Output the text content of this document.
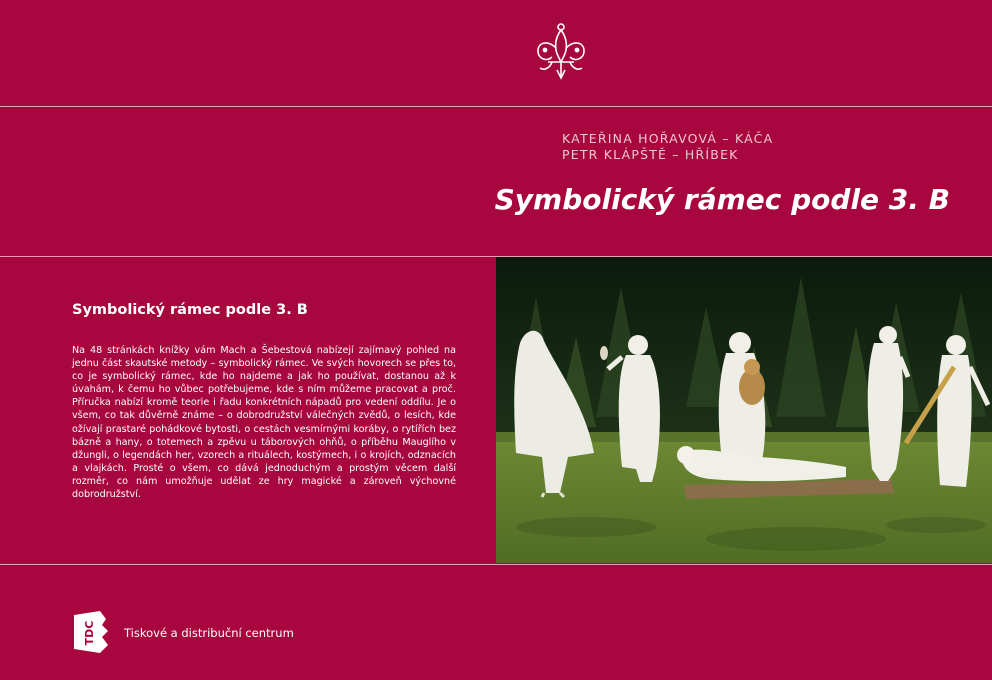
KATEŘINA HOŘAVOVÁ – KÁČA
PETR KLÁPŠTĚ – HŘÍBEK
Symbolický rámec podle 3. B
Symbolický rámec podle 3. B

Na 48 stránkách knížky vám Mach a Šebestová nabízejí zajímavý pohled na jednu část skautské metody – symbolický rámec. Ve svých hovorech se přes to, co je symbolický rámec, kde ho najdeme a jak ho používat, dostanou až k úvahám, k čemu ho vůbec potřebujeme, kde s ním můžeme pracovat a proč. Příručka nabízí kromě teorie i řadu konkrétních nápadů pro vedení oddílu. Je o všem, co tak důvěrně známe – o dobrodružství válečných zvědů, o lesích, kde ožívají prastaré pohádkové bytosti, o cestách vesmírnými koráby, o rytířích bez bázně a hany, o totemech a zpěvu u táborových ohňů, o příběhu Mauglího v džungli, o legendách her, vzorech a rituálech, kostýmech, i o krojích, odznacích a vlajkách. Prosté o všem, co dává jednoduchým a prostým věcem další rozměr, co nám umožňuje udělat ze hry magické a zároveň výchovné dobrodružství.

TDC Tiskové a distribuční centrum
